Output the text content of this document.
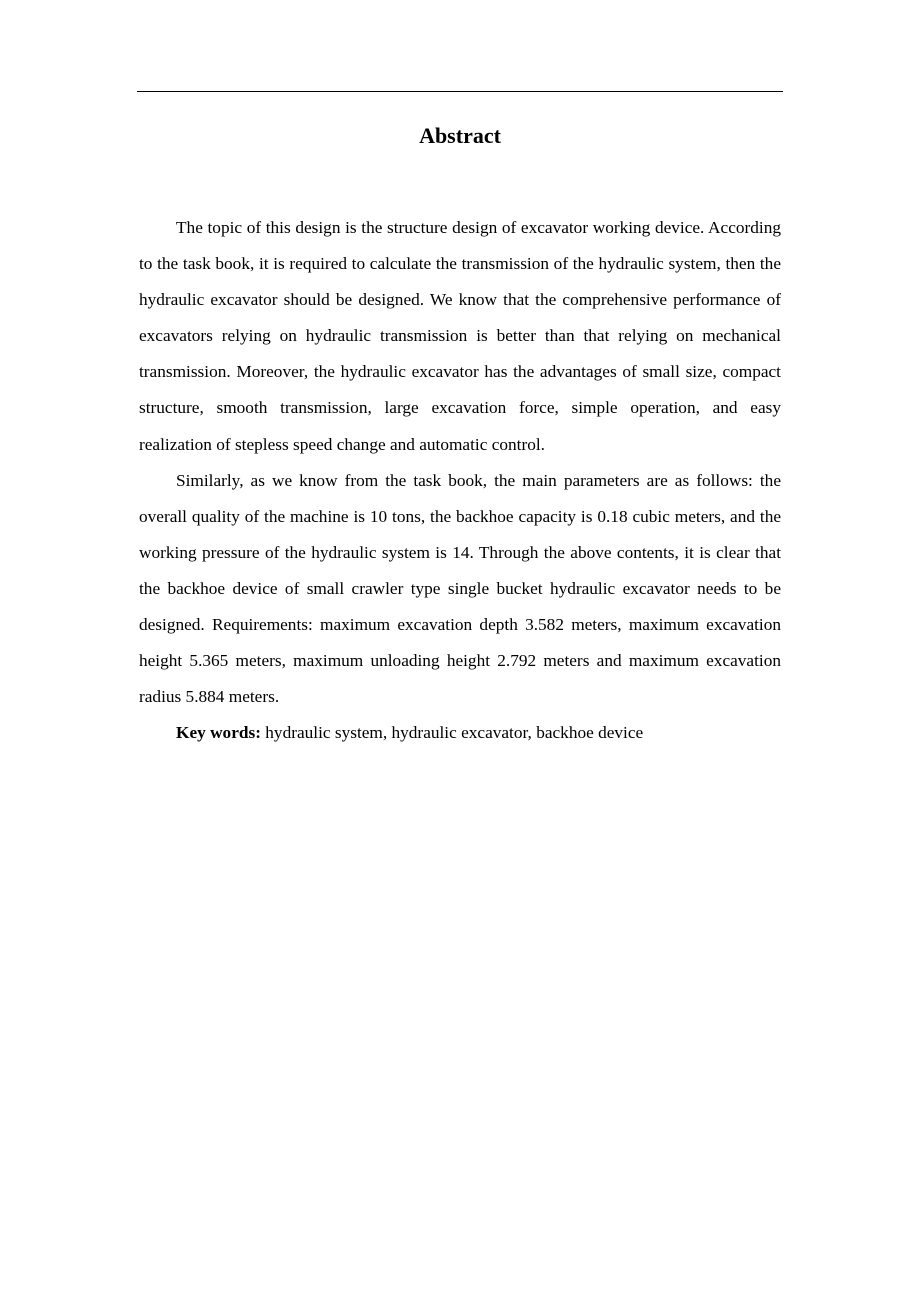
Abstract

The topic of this design is the structure design of excavator working device. According to the task book, it is required to calculate the transmission of the hydraulic system, then the hydraulic excavator should be designed. We know that the comprehensive performance of excavators relying on hydraulic transmission is better than that relying on mechanical transmission. Moreover, the hydraulic excavator has the advantages of small size, compact structure, smooth transmission, large excavation force, simple operation, and easy realization of stepless speed change and automatic control.

Similarly, as we know from the task book, the main parameters are as follows: the overall quality of the machine is 10 tons, the backhoe capacity is 0.18 cubic meters, and the working pressure of the hydraulic system is 14. Through the above contents, it is clear that the backhoe device of small crawler type single bucket hydraulic excavator needs to be designed. Requirements: maximum excavation depth 3.582 meters, maximum excavation height 5.365 meters, maximum unloading height 2.792 meters and maximum excavation radius 5.884 meters.

Key words: hydraulic system, hydraulic excavator, backhoe device
